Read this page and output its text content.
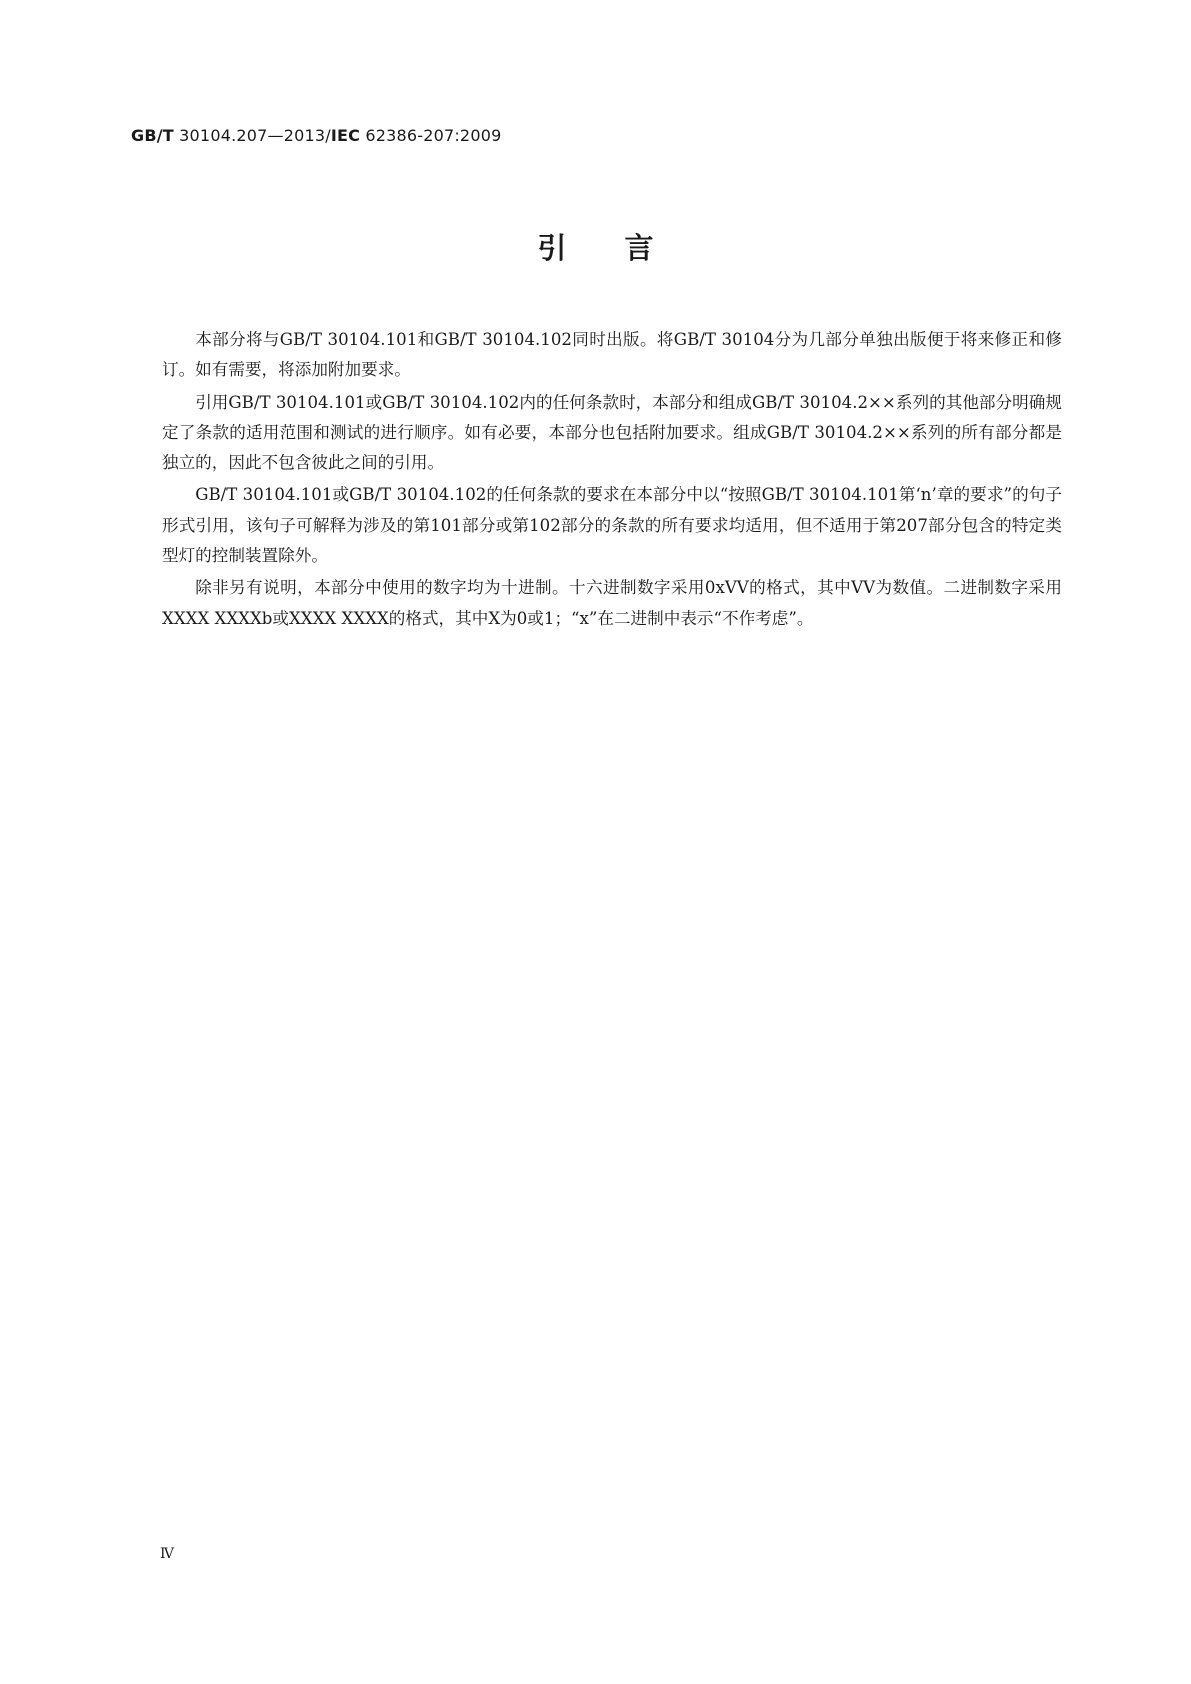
GB/T 30104.207—2013/IEC 62386-207:2009
引言

本部分将与GB/T 30104.101和GB/T 30104.102同时出版。将GB/T 30104分为几部分单独出版便于将来修正和修订。如有需要，将添加附加要求。

引用GB/T 30104.101或GB/T 30104.102内的任何条款时，本部分和组成GB/T 30104.2××系列的其他部分明确规定了条款的适用范围和测试的进行顺序。如有必要，本部分也包括附加要求。组成GB/T 30104.2××系列的所有部分都是独立的，因此不包含彼此之间的引用。

GB/T 30104.101或GB/T 30104.102的任何条款的要求在本部分中以“按照GB/T 30104.101第‘n’章的要求”的句子形式引用，该句子可解释为涉及的第101部分或第102部分的条款的所有要求均适用，但不适用于第207部分包含的特定类型灯的控制装置除外。

除非另有说明，本部分中使用的数字均为十进制。十六进制数字采用0xVV的格式，其中VV为数值。二进制数字采用XXXX XXXXb或XXXX XXXX的格式，其中X为0或1；“x”在二进制中表示“不作考虑”。

Ⅳ
